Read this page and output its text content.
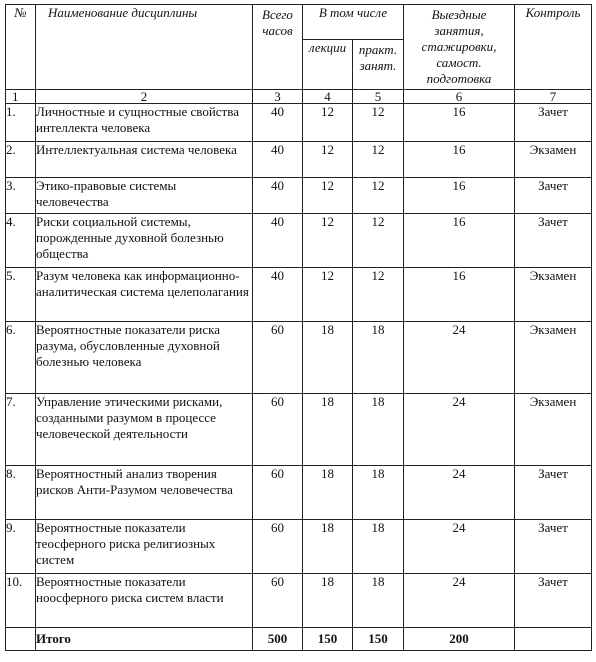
№	Наименование дисциплины	Всего часов	В том числе		Выездные занятия, стажировки, самост. подготовка	Контроль
			лекции	практ. занят.		

1	2	3	4	5	6	7
1.	Личностные и сущностные свойства интеллекта человека	40	12	12	16	Зачет
2.	Интеллектуальная система человека	40	12	12	16	Экзамен
3.	Этико-правовые системы человечества	40	12	12	16	Зачет
4.	Риски социальной системы, порожденные духовной болезнью общества	40	12	12	16	Зачет
5.	Разум человека как информационно-аналитическая система целеполагания	40	12	12	16	Экзамен
6.	Вероятностные показатели риска разума, обусловленные духовной болезнью человека	60	18	18	24	Экзамен
7.	Управление этическими рисками, созданными разумом в процессе человеческой деятельности	60	18	18	24	Экзамен
8.	Вероятностный анализ творения рисков Анти-Разумом человечества	60	18	18	24	Зачет
9.	Вероятностные показатели теосферного риска религиозных систем	60	18	18	24	Зачет
10.	Вероятностные показатели ноосферного риска систем власти	60	18	18	24	Зачет
	Итого	500	150	150	200	
